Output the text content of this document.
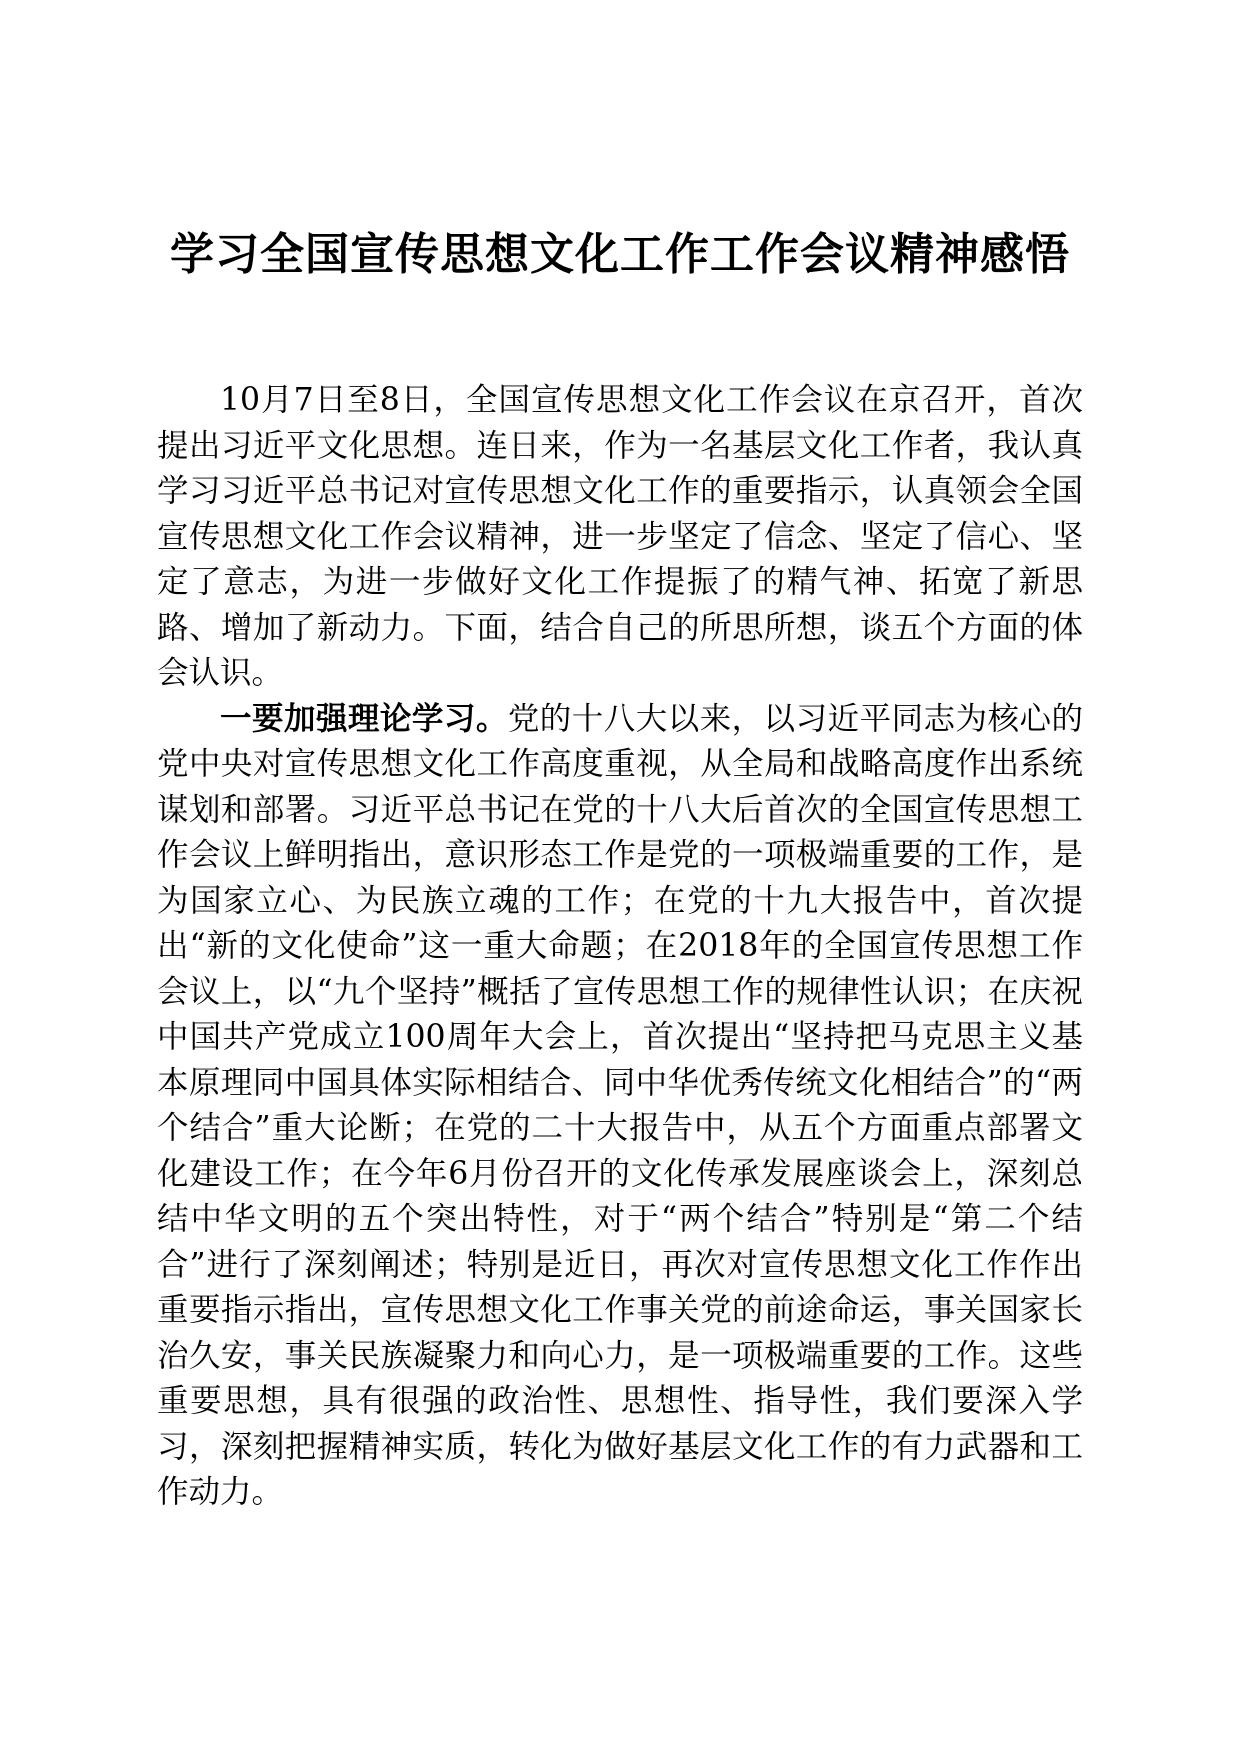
学习全国宣传思想文化工作工作会议精神感悟

10月7日至8日，全国宣传思想文化工作会议在京召开，首次提出习近平文化思想。连日来，作为一名基层文化工作者，我认真学习习近平总书记对宣传思想文化工作的重要指示，认真领会全国宣传思想文化工作会议精神，进一步坚定了信念、坚定了信心、坚定了意志，为进一步做好文化工作提振了的精气神、拓宽了新思路、增加了新动力。下面，结合自己的所思所想，谈五个方面的体会认识。

一要加强理论学习。党的十八大以来，以习近平同志为核心的党中央对宣传思想文化工作高度重视，从全局和战略高度作出系统谋划和部署。习近平总书记在党的十八大后首次的全国宣传思想工作会议上鲜明指出，意识形态工作是党的一项极端重要的工作，是为国家立心、为民族立魂的工作；在党的十九大报告中，首次提出“新的文化使命”这一重大命题；在2018年的全国宣传思想工作会议上，以“九个坚持”概括了宣传思想工作的规律性认识；在庆祝中国共产党成立100周年大会上，首次提出“坚持把马克思主义基本原理同中国具体实际相结合、同中华优秀传统文化相结合”的“两个结合”重大论断；在党的二十大报告中，从五个方面重点部署文化建设工作；在今年6月份召开的文化传承发展座谈会上，深刻总结中华文明的五个突出特性，对于“两个结合”特别是“第二个结合”进行了深刻阐述；特别是近日，再次对宣传思想文化工作作出重要指示指出，宣传思想文化工作事关党的前途命运，事关国家长治久安，事关民族凝聚力和向心力，是一项极端重要的工作。这些重要思想，具有很强的政治性、思想性、指导性，我们要深入学习，深刻把握精神实质，转化为做好基层文化工作的有力武器和工作动力。
